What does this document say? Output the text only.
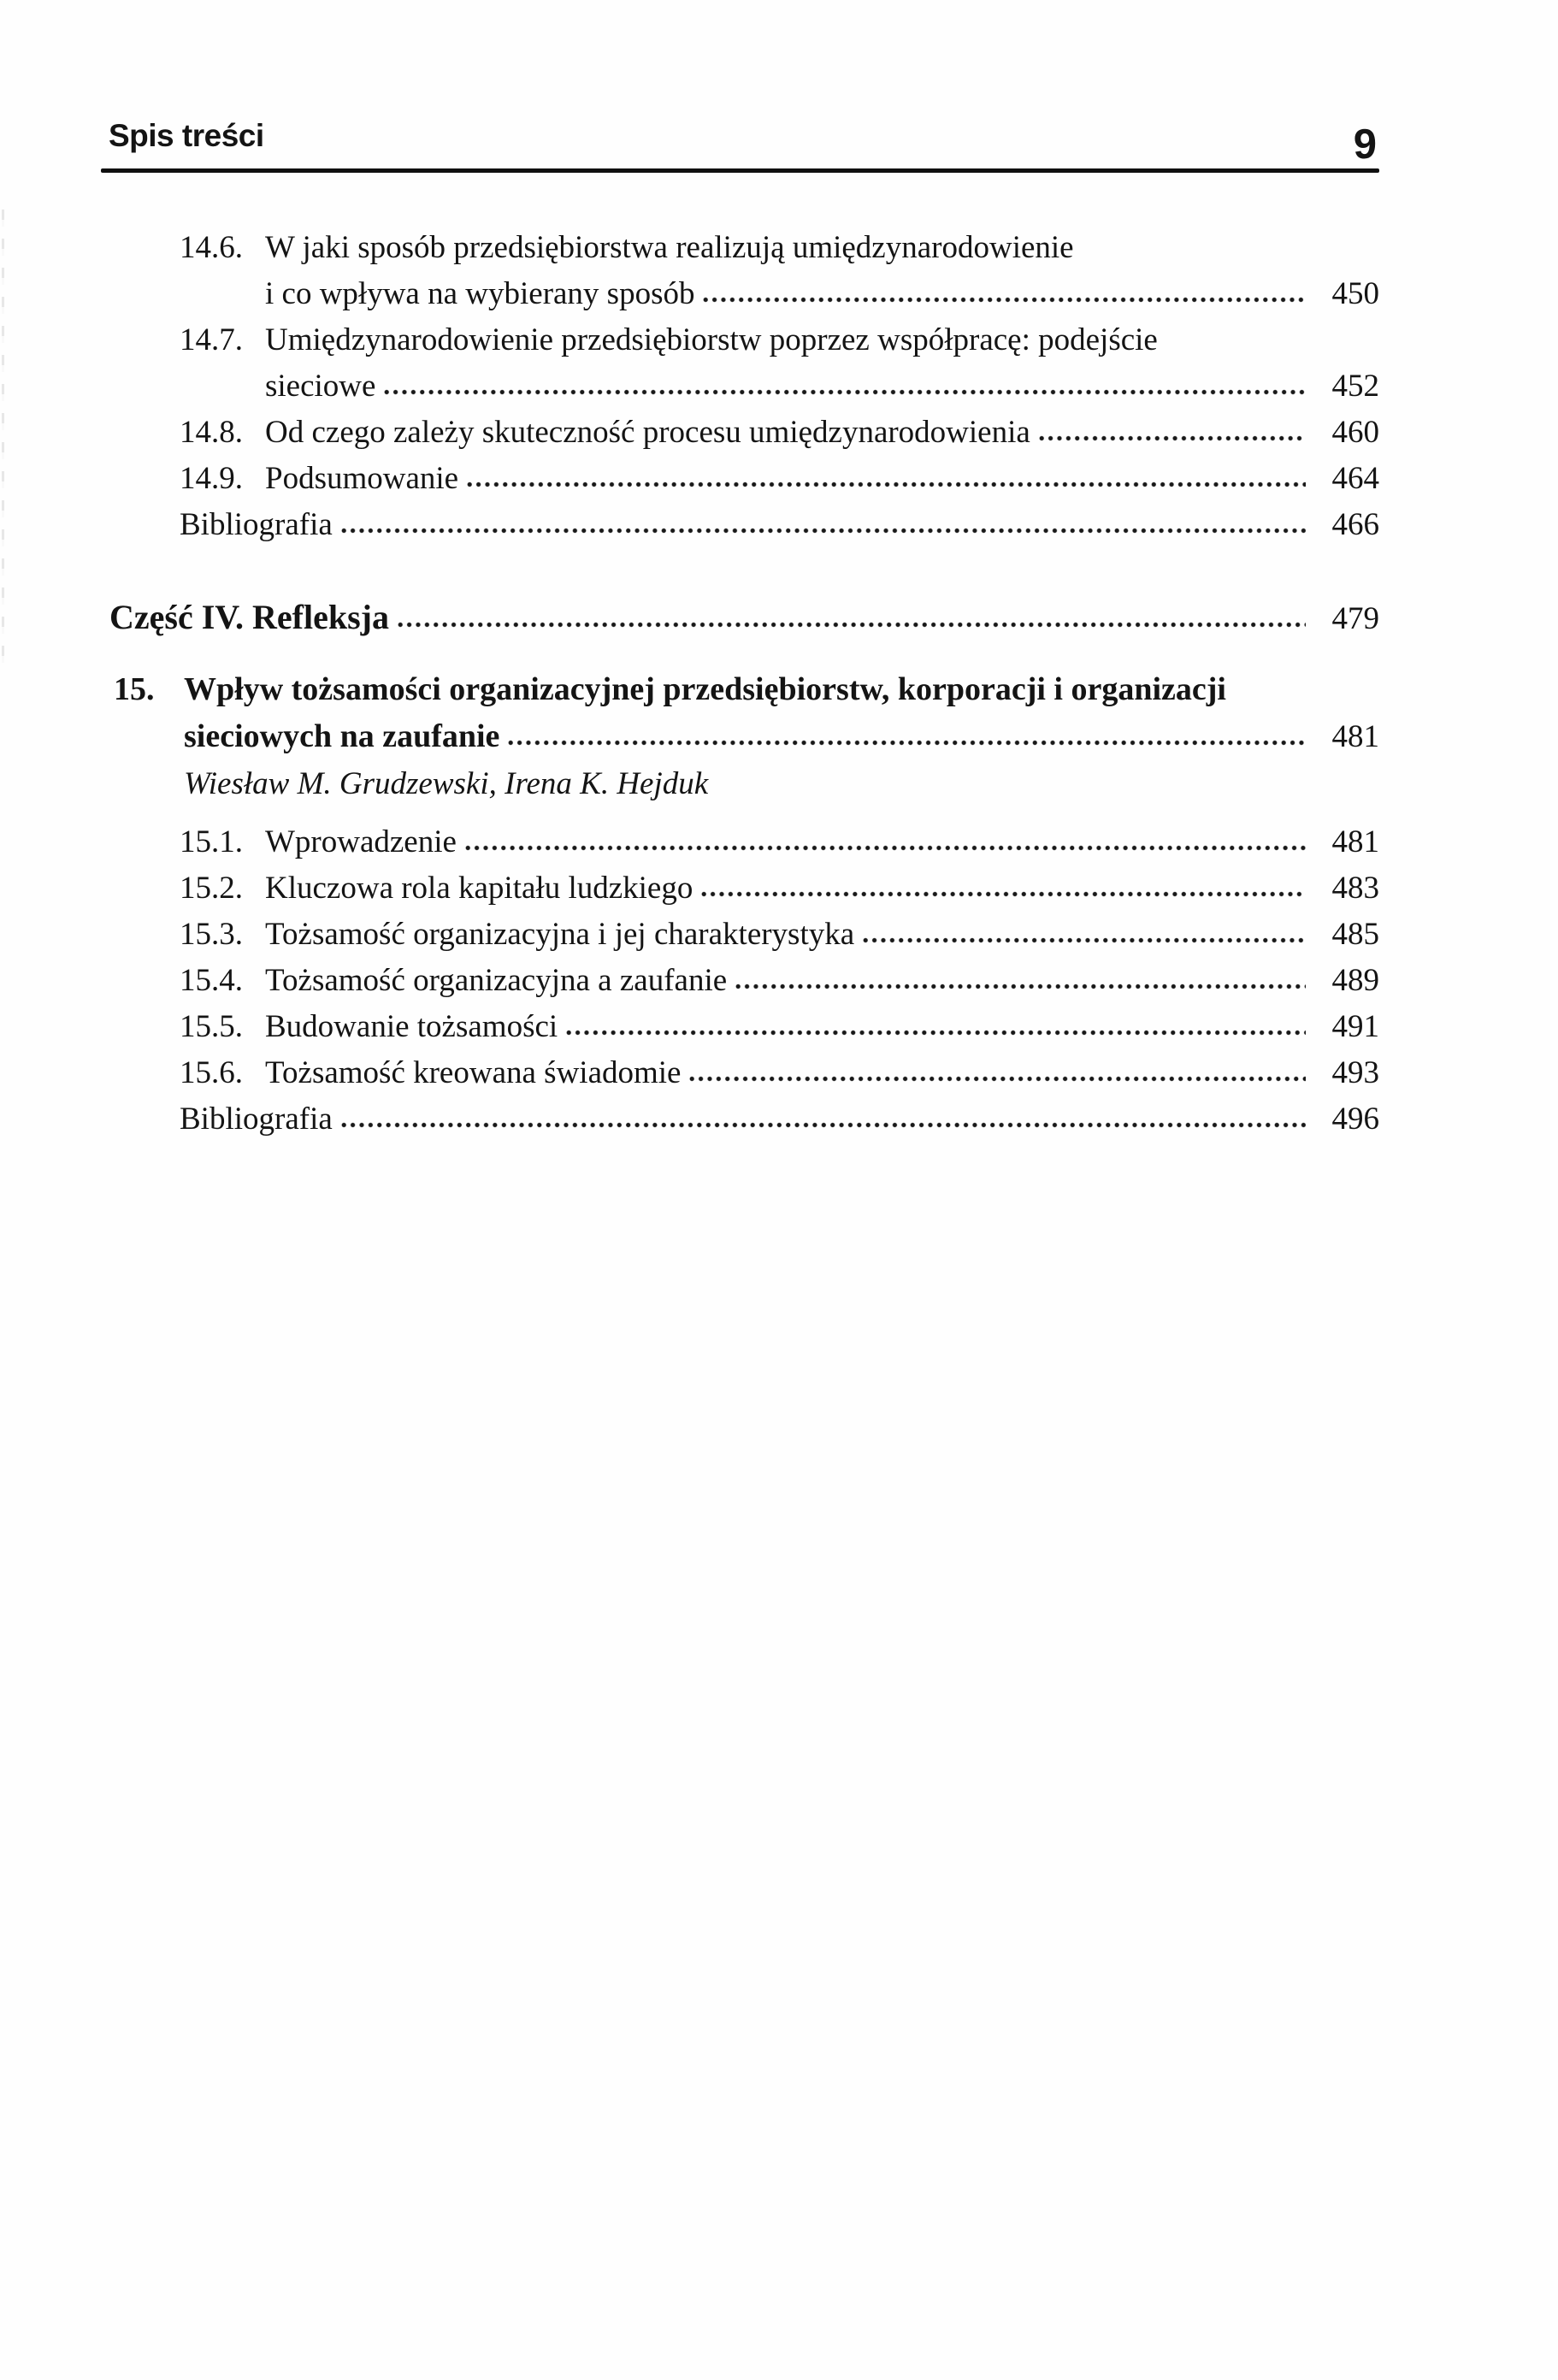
Spis treści	9
14.6. W jaki sposób przedsiębiorstwa realizują umiędzynarodowienie
i co wpływa na wybierany sposób	450
14.7. Umiędzynarodowienie przedsiębiorstw poprzez współpracę: podejście
sieciowe	452
14.8. Od czego zależy skuteczność procesu umiędzynarodowienia	460
14.9. Podsumowanie	464
Bibliografia	466
Część IV. Refleksja	479
15. Wpływ tożsamości organizacyjnej przedsiębiorstw, korporacji i organizacji
sieciowych na zaufanie	481
Wiesław M. Grudzewski, Irena K. Hejduk
15.1. Wprowadzenie	481
15.2. Kluczowa rola kapitału ludzkiego	483
15.3. Tożsamość organizacyjna i jej charakterystyka	485
15.4. Tożsamość organizacyjna a zaufanie	489
15.5. Budowanie tożsamości	491
15.6. Tożsamość kreowana świadomie	493
Bibliografia	496
